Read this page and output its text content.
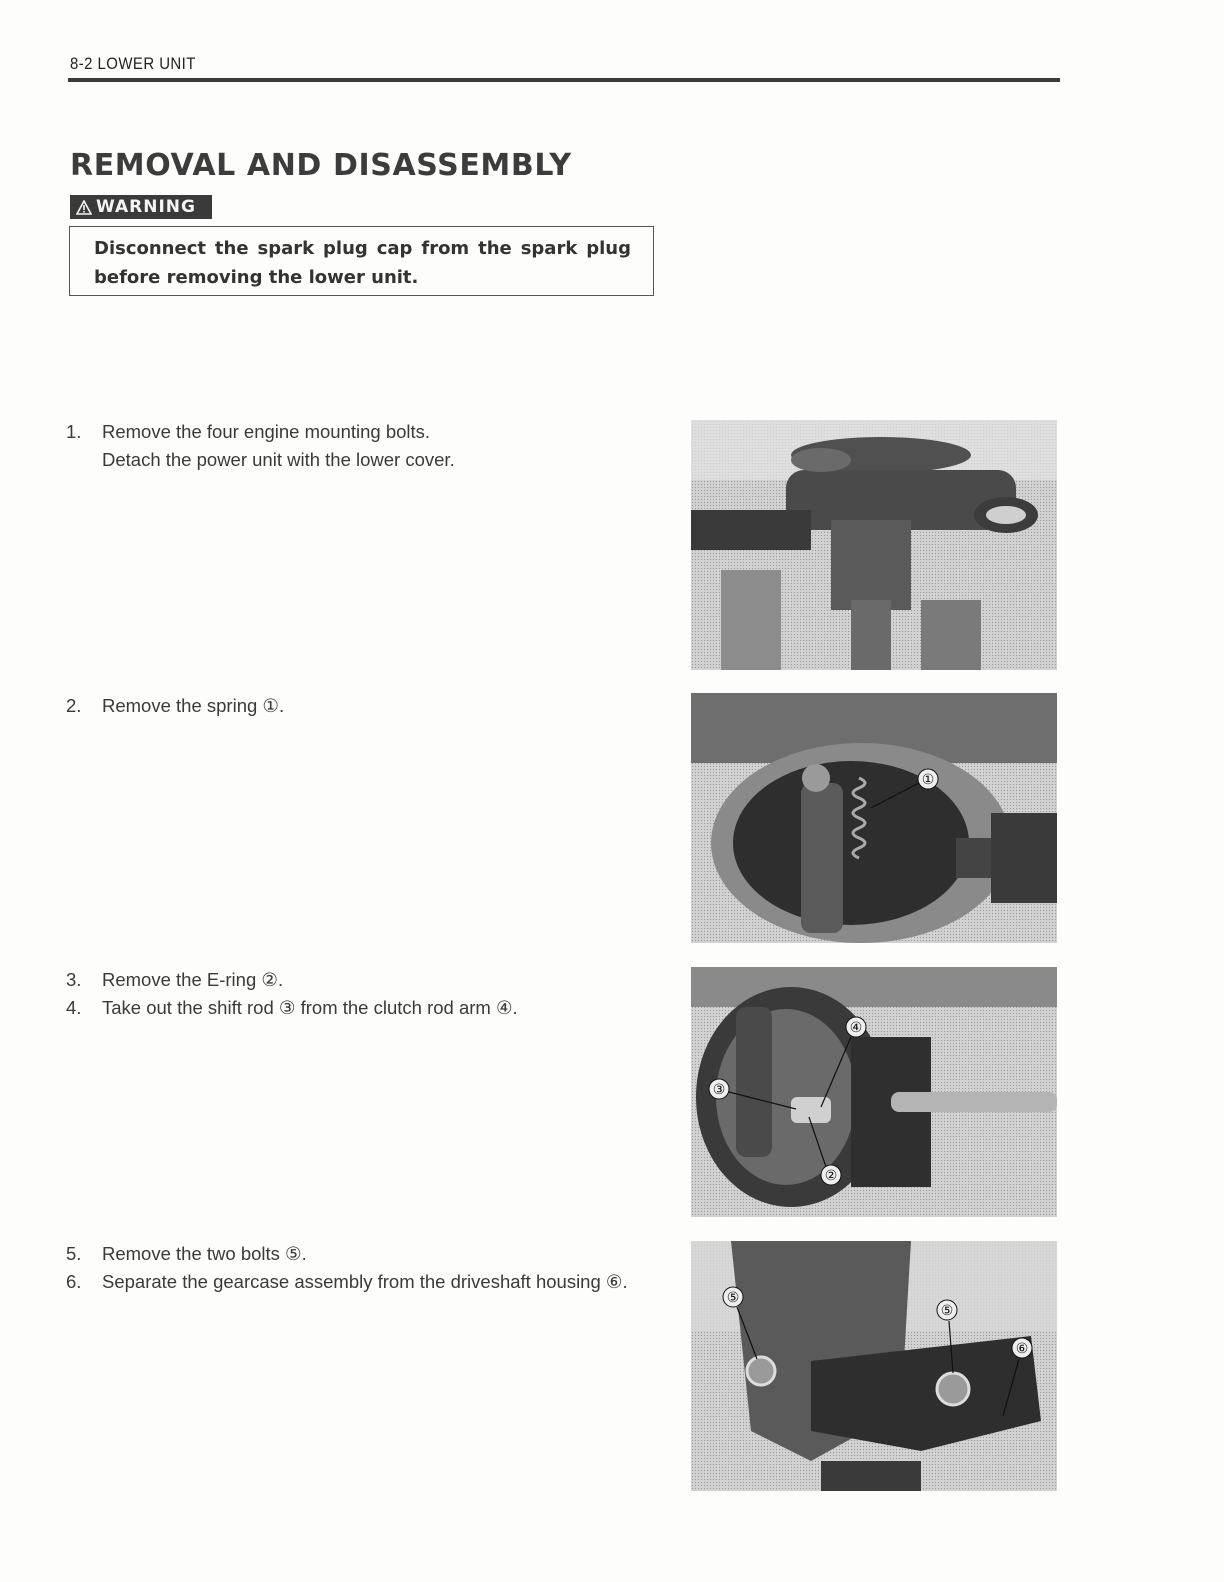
8-2 LOWER UNIT
REMOVAL AND DISASSEMBLY
WARNING
Disconnect the spark plug cap from the spark plug before removing the lower unit.
1.	Remove the four engine mounting bolts.
Detach the power unit with the lower cover.
2.	Remove the spring ①.
3.	Remove the E-ring ②.
4.	Take out the shift rod ③ from the clutch rod arm ④.
5.	Remove the two bolts ⑤.
6.	Separate the gearcase assembly from the driveshaft housing ⑥.
①
④
③
②
⑤
⑤
⑥
